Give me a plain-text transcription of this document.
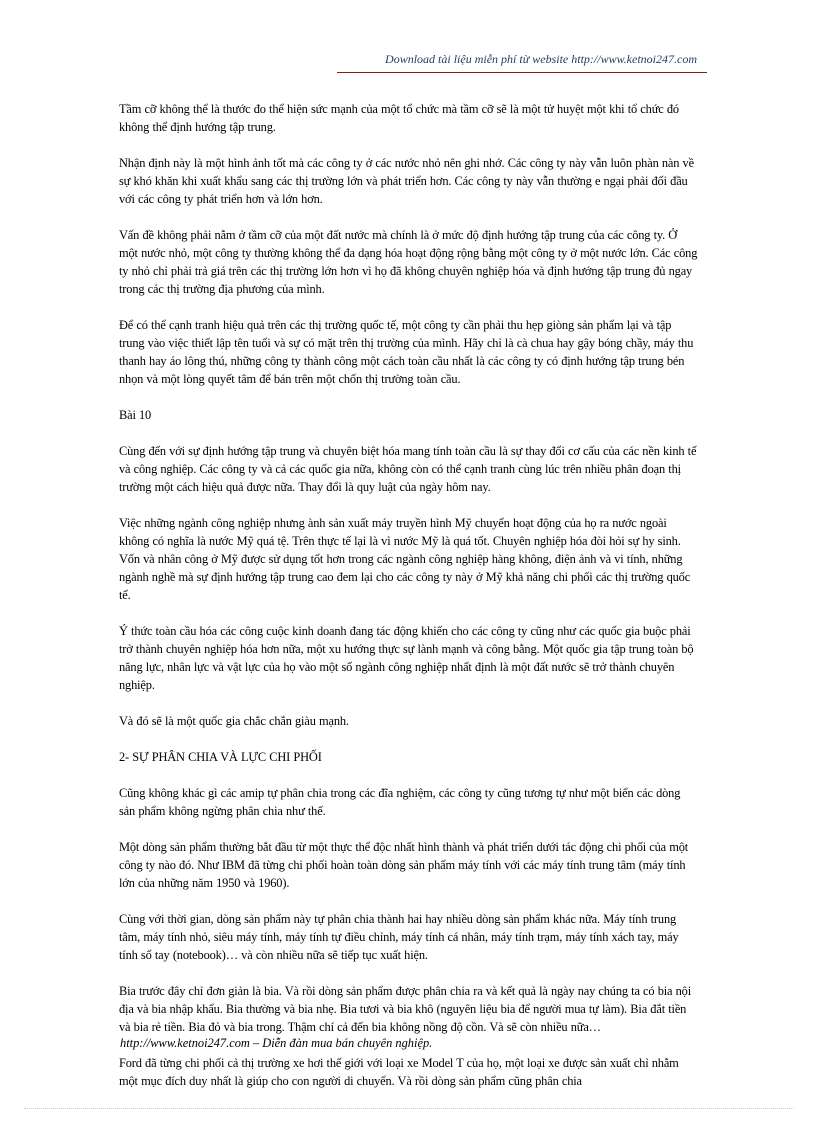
Download tài liệu miễn phí từ website http://www.ketnoi247.com

Tầm cỡ không thể là thước đo thể hiện sức mạnh của một tổ chức mà tầm cỡ sẽ là một tử huyệt một khi tổ chức đó không thể định hướng tập trung.

Nhận định này là một hình ảnh tốt mà các công ty ở các nước nhỏ nên ghi nhớ. Các công ty này vẫn luôn phàn nàn về sự khó khăn khi xuất khẩu sang các thị trường lớn và phát triển hơn. Các công ty này vẫn thường e ngại phải đối đầu với các công ty phát triển hơn và lớn hơn.

Vấn đề không phải nằm ở tầm cỡ của một đất nước mà chính là ở mức độ định hướng tập trung của các công ty. Ở một nước nhỏ, một công ty thường không thể đa dạng hóa hoạt động rộng bằng một công ty ở một nước lớn. Các công ty nhỏ chỉ phải trả giá trên các thị trường lớn hơn vì họ đã không chuyên nghiệp hóa và định hướng tập trung đủ ngay trong các thị trường địa phương của mình.

Để có thể cạnh tranh hiệu quả trên các thị trường quốc tế, một công ty cần phải thu hẹp giòng sản phẩm lại và tập trung vào việc thiết lập tên tuổi và sự có mặt trên thị trường của mình. Hãy chỉ là cà chua hay gậy bóng chầy, máy thu thanh hay áo lông thú, những công ty thành công một cách toàn cầu nhất là các công ty có định hướng tập trung bén nhọn và một lòng quyết tâm để bán trên một chốn thị trường toàn cầu.

Bài 10

Cùng đến với sự định hướng tập trung và chuyên biệt hóa mang tính toàn cầu là sự thay đổi cơ cấu của các nền kinh tế và công nghiệp. Các công ty và cả các quốc gia nữa, không còn có thể cạnh tranh cùng lúc trên nhiều phân đoạn thị trường một cách hiệu quả được nữa. Thay đổi là quy luật của ngày hôm nay.

Việc những ngành công nghiệp nhưng ành sản xuất máy truyền hình Mỹ chuyển hoạt động của họ ra nước ngoài không có nghĩa là nước Mỹ quá tệ. Trên thực tế lại là vì nước Mỹ là quá tốt. Chuyên nghiệp hóa đòi hỏi sự hy sinh. Vốn và nhân công ở Mỹ được sử dụng tốt hơn trong các ngành công nghiệp hàng không, điện ảnh và vi tính, những ngành nghề mà sự định hướng tập trung cao đem lại cho các công ty này ở Mỹ khả năng chi phối các thị trường quốc tế.

Ý thức toàn cầu hóa các công cuộc kinh doanh đang tác động khiến cho các công ty cũng như các quốc gia buộc phải trở thành chuyên nghiệp hóa hơn nữa, một xu hướng thực sự lành mạnh và công bằng. Một quốc gia tập trung toàn bộ năng lực, nhân lực và vật lực của họ vào một số ngành công nghiệp nhất định là một đất nước sẽ trở thành chuyên nghiệp.

Và đó sẽ là một quốc gia chắc chắn giàu mạnh.

2- SỰ PHÂN CHIA VÀ LỰC CHI PHỐI

Cũng không khác gì các amip tự phân chia trong các đĩa nghiệm, các công ty cũng tương tự như một biển các dòng sản phẩm không ngừng phân chia như thế.

Một dòng sản phẩm thường bắt đầu từ một thực thể độc nhất hình thành và phát triển dưới tác động chi phối của một công ty nào đó. Như IBM đã từng chi phối hoàn toàn dòng sản phẩm máy tính với các máy tính trung tâm (máy tính lớn của những năm 1950 và 1960).

Cùng với thời gian, dòng sản phẩm này tự phân chia thành hai hay nhiều dòng sản phẩm khác nữa. Máy tính trung tâm, máy tính nhỏ, siêu máy tính, máy tính tự điều chỉnh, máy tính cá nhân, máy tính trạm, máy tính xách tay, máy tính sổ tay (notebook)… và còn nhiều nữa sẽ tiếp tục xuất hiện.

Bia trước đây chỉ đơn giản là bia. Và rồi dòng sản phẩm được phân chia ra và kết quả là ngày nay chúng ta có bia nội địa và bia nhập khẩu. Bia thường và bia nhẹ. Bia tươi và bia khô (nguyên liệu bia để người mua tự làm). Bia đắt tiền và bia rẻ tiền. Bia đỏ và bia trong. Thậm chí cả đến bia không nồng độ cồn. Và sẽ còn nhiều nữa…

Ford đã từng chi phối cả thị trường xe hơi thế giới với loại xe Model T của họ, một loại xe được sản xuất chỉ nhằm một mục đích duy nhất là giúp cho con người di chuyển. Và rồi dòng sản phẩm cũng phân chia

http://www.ketnoi247.com – Diễn đàn mua bán chuyên nghiệp.
